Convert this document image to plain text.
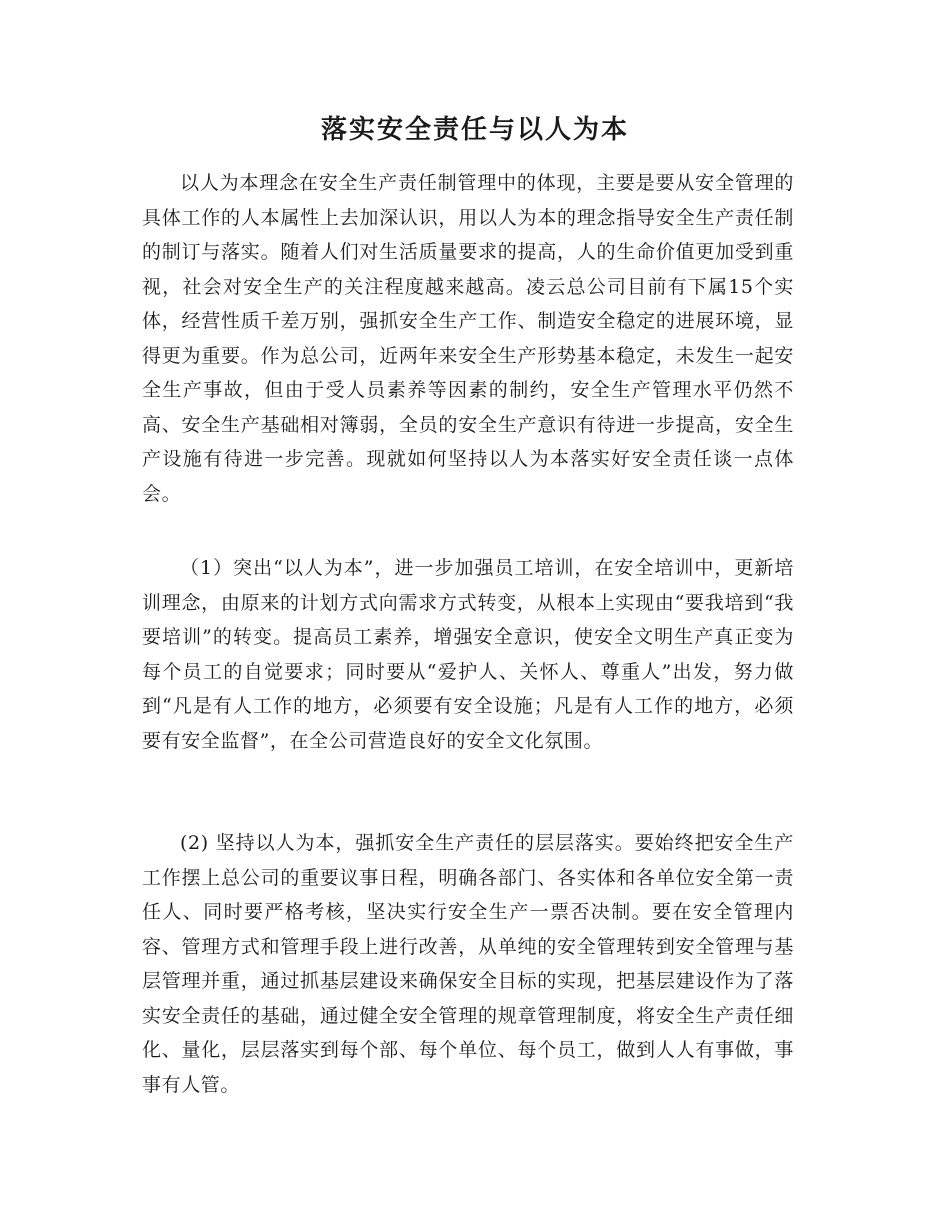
落实安全责任与以人为本

以人为本理念在安全生产责任制管理中的体现，主要是要从安全管理的具体工作的人本属性上去加深认识，用以人为本的理念指导安全生产责任制的制订与落实。随着人们对生活质量要求的提高，人的生命价值更加受到重视，社会对安全生产的关注程度越来越高。凌云总公司目前有下属15个实体，经营性质千差万别，强抓安全生产工作、制造安全稳定的进展环境，显得更为重要。作为总公司，近两年来安全生产形势基本稳定，未发生一起安全生产事故，但由于受人员素养等因素的制约，安全生产管理水平仍然不高、安全生产基础相对簿弱，全员的安全生产意识有待进一步提高，安全生产设施有待进一步完善。现就如何坚持以人为本落实好安全责任谈一点体会。

（1）突出“以人为本”，进一步加强员工培训，在安全培训中，更新培训理念，由原来的计划方式向需求方式转变，从根本上实现由“要我培到“我要培训”的转变。提高员工素养，增强安全意识，使安全文明生产真正变为每个员工的自觉要求；同时要从“爱护人、关怀人、尊重人”出发，努力做到“凡是有人工作的地方，必须要有安全设施；凡是有人工作的地方，必须要有安全监督”，在全公司营造良好的安全文化氛围。

(2) 坚持以人为本，强抓安全生产责任的层层落实。要始终把安全生产工作摆上总公司的重要议事日程，明确各部门、各实体和各单位安全第一责任人、同时要严格考核，坚决实行安全生产一票否决制。要在安全管理内容、管理方式和管理手段上进行改善，从单纯的安全管理转到安全管理与基层管理并重，通过抓基层建设来确保安全目标的实现，把基层建设作为了落实安全责任的基础，通过健全安全管理的规章管理制度，将安全生产责任细化、量化，层层落实到每个部、每个单位、每个员工，做到人人有事做，事事有人管。
